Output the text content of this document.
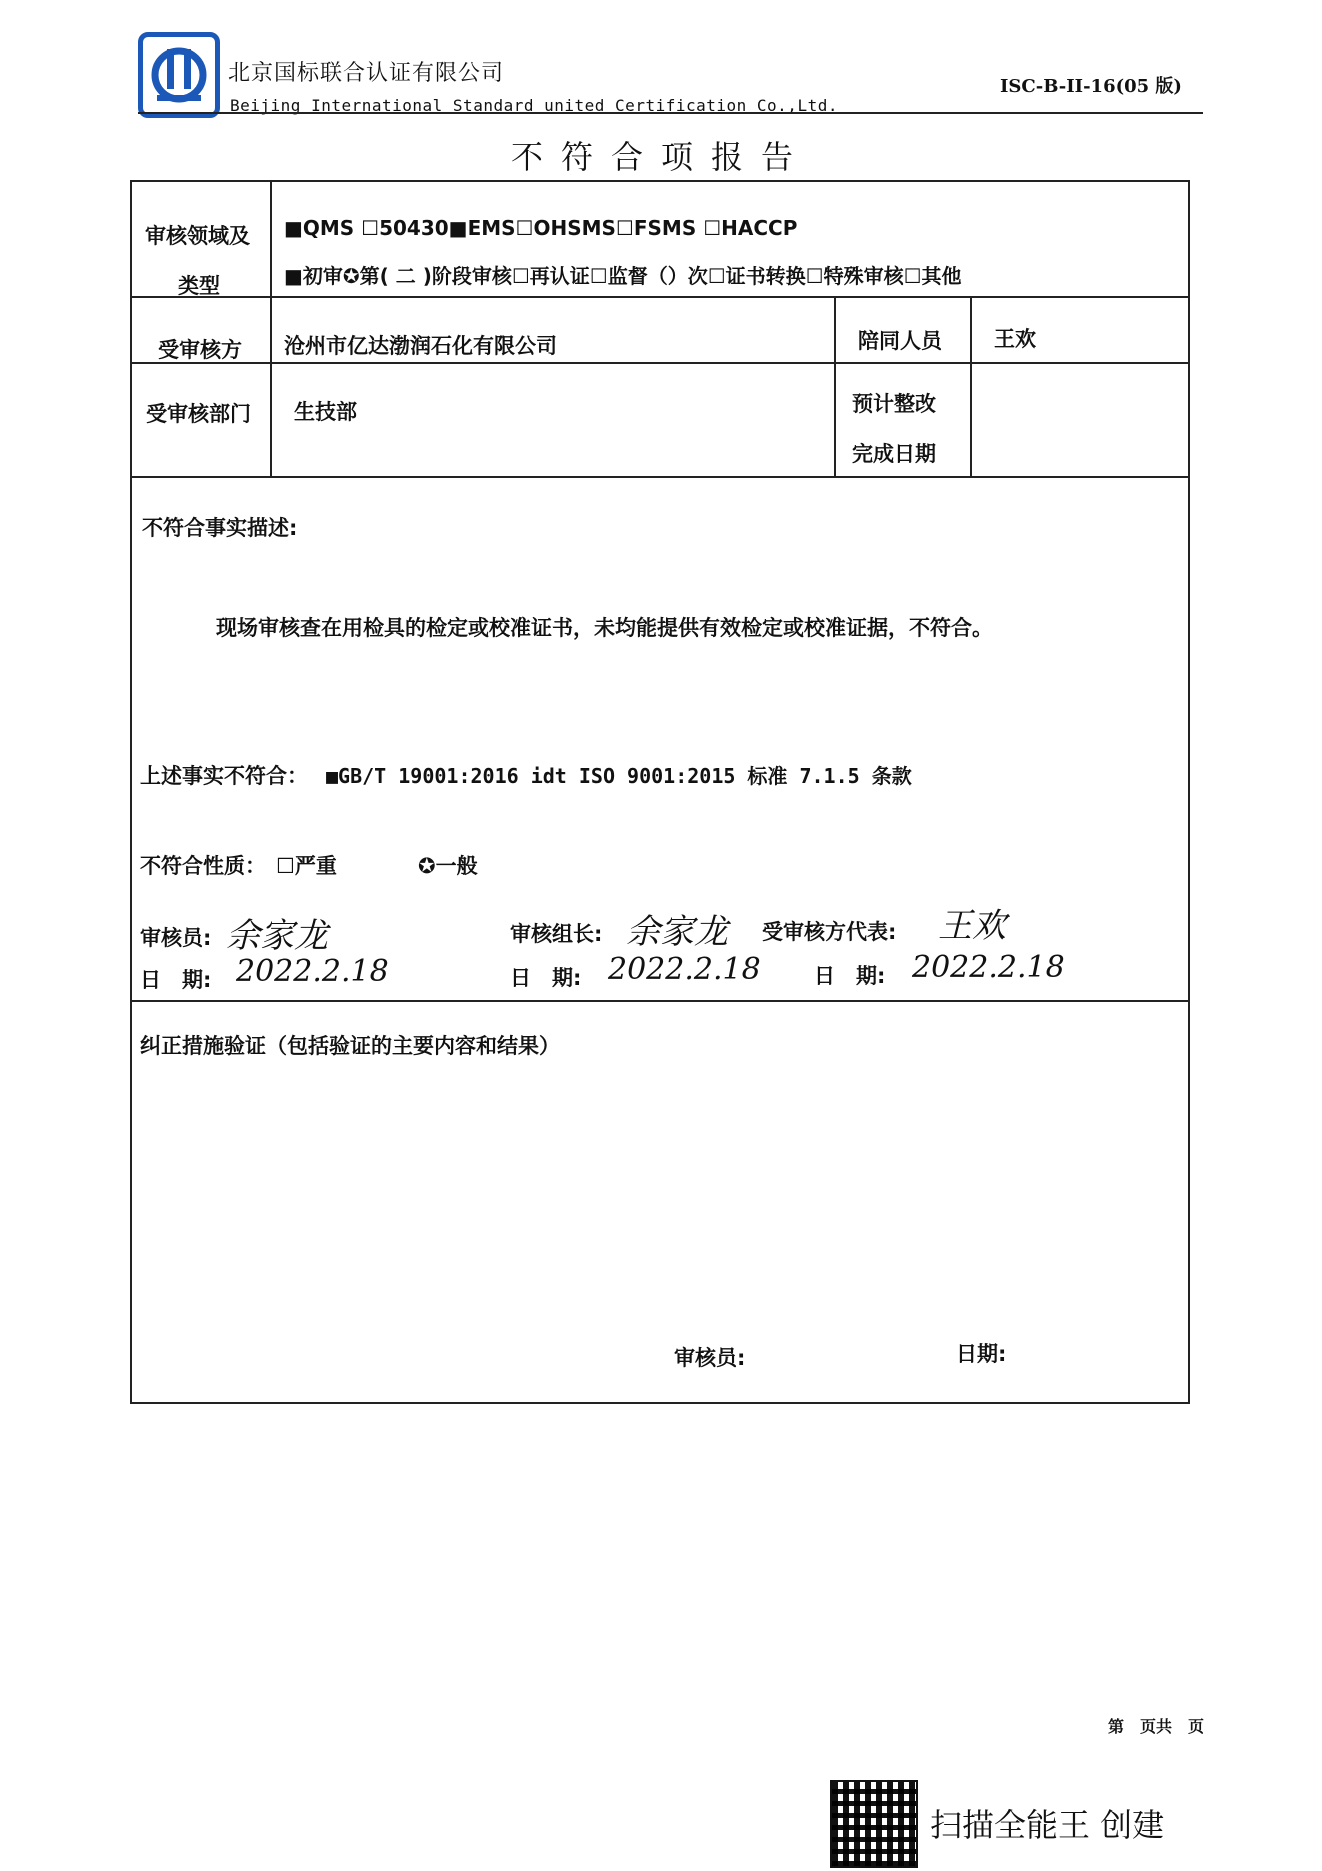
北京国标联合认证有限公司
Beijing International Standard united Certification Co.,Ltd.
ISC-B-II-16(05 版)
不符合项报告
审核领域及
类型
■QMS ☐50430■EMS☐OHSMS☐FSMS ☐HACCP
■初审✪第( 二 )阶段审核☐再认证☐监督（）次☐证书转换☐特殊审核☐其他
受审核方 沧州市亿达渤润石化有限公司	陪同人员 王欢
受审核部门 生技部	预计整改
完成日期
不符合事实描述:
现场审核查在用检具的检定或校准证书，未均能提供有效检定或校准证据，不符合。
上述事实不符合： ■GB/T 19001:2016 idt ISO 9001:2015 标准 7.1.5 条款
不符合性质： ☐严重	✪一般
审核员: 余家龙	审核组长: 余家龙 受审核方代表: 王欢
日　期: 2022.2.18	日　期: 2022.2.18	日　期: 2022.2.18
纠正措施验证（包括验证的主要内容和结果）
审核员:	日期:
第　页共　页
扫描全能王 创建
